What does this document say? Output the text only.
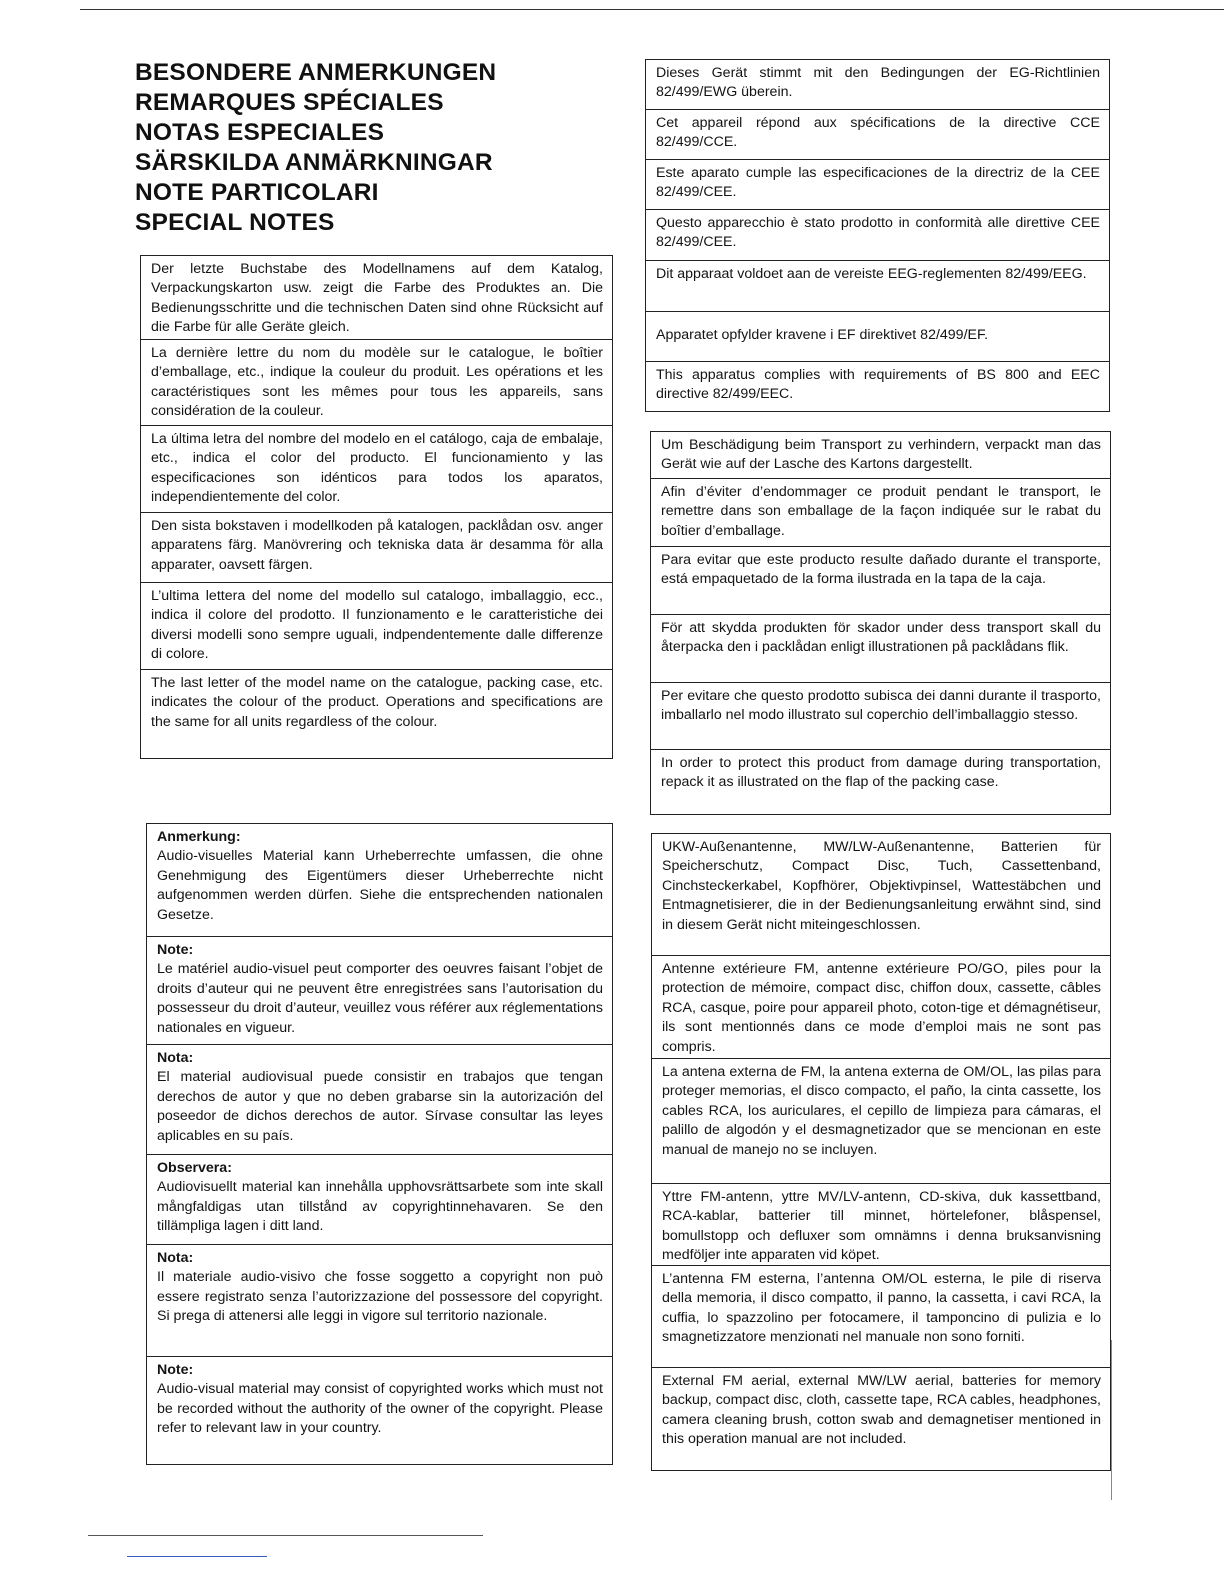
BESONDERE ANMERKUNGEN
REMARQUES SPÉCIALES
NOTAS ESPECIALES
SÄRSKILDA ANMÄRKNINGAR
NOTE PARTICOLARI
SPECIAL NOTES
Der letzte Buchstabe des Modellnamens auf dem Katalog, Verpackungskarton usw. zeigt die Farbe des Produktes an. Die Bedienungsschritte und die technischen Daten sind ohne Rücksicht auf die Farbe für alle Geräte gleich.
La dernière lettre du nom du modèle sur le catalogue, le boîtier d’emballage, etc., indique la couleur du produit. Les opérations et les caractéristiques sont les mêmes pour tous les appareils, sans considération de la couleur.
La última letra del nombre del modelo en el catálogo, caja de embalaje, etc., indica el color del producto. El funcionamiento y las especificaciones son idénticos para todos los aparatos, independientemente del color.
Den sista bokstaven i modellkoden på katalogen, packlådan osv. anger apparatens färg. Manövrering och tekniska data är desamma för alla apparater, oavsett färgen.
L’ultima lettera del nome del modello sul catalogo, imballaggio, ecc., indica il colore del prodotto. Il funzionamento e le caratteristiche dei diversi modelli sono sempre uguali, indpendentemente dalle differenze di colore.
The last letter of the model name on the catalogue, packing case, etc. indicates the colour of the product. Operations and specifications are the same for all units regardless of the colour.
Dieses Gerät stimmt mit den Bedingungen der EG-Richtlinien 82/499/EWG überein.
Cet appareil répond aux spécifications de la directive CCE 82/499/CCE.
Este aparato cumple las especificaciones de la directriz de la CEE 82/499/CEE.
Questo apparecchio è stato prodotto in conformità alle direttive CEE 82/499/CEE.
Dit apparaat voldoet aan de vereiste EEG-reglementen 82/499/EEG.
Apparatet opfylder kravene i EF direktivet 82/499/EF.
This apparatus complies with requirements of BS 800 and EEC directive 82/499/EEC.
Um Beschädigung beim Transport zu verhindern, verpackt man das Gerät wie auf der Lasche des Kartons dargestellt.
Afin d’éviter d’endommager ce produit pendant le transport, le remettre dans son emballage de la façon indiquée sur le rabat du boîtier d’emballage.
Para evitar que este producto resulte dañado durante el transporte, está empaquetado de la forma ilustrada en la tapa de la caja.
För att skydda produkten för skador under dess transport skall du återpacka den i packlådan enligt illustrationen på packlådans flik.
Per evitare che questo prodotto subisca dei danni durante il trasporto, imballarlo nel modo illustrato sul coperchio dell’imballaggio stesso.
In order to protect this product from damage during transportation, repack it as illustrated on the flap of the packing case.
Anmerkung:
Audio-visuelles Material kann Urheberrechte umfassen, die ohne Genehmigung des Eigentümers dieser Urheberrechte nicht aufgenommen werden dürfen. Siehe die entsprechenden nationalen Gesetze.
Note:
Le matériel audio-visuel peut comporter des oeuvres faisant l’objet de droits d’auteur qui ne peuvent être enregistrées sans l’autorisation du possesseur du droit d’auteur, veuillez vous référer aux réglementations nationales en vigueur.
Nota:
El material audiovisual puede consistir en trabajos que tengan derechos de autor y que no deben grabarse sin la autorización del poseedor de dichos derechos de autor. Sírvase consultar las leyes aplicables en su país.
Observera:
Audiovisuellt material kan innehålla upphovsrättsarbete som inte skall mångfaldigas utan tillstånd av copyrightinnehavaren. Se den tillämpliga lagen i ditt land.
Nota:
Il materiale audio-visivo che fosse soggetto a copyright non può essere registrato senza l’autorizzazione del possessore del copyright. Si prega di attenersi alle leggi in vigore sul territorio nazionale.
Note:
Audio-visual material may consist of copyrighted works which must not be recorded without the authority of the owner of the copyright. Please refer to relevant law in your country.
UKW-Außenantenne, MW/LW-Außenantenne, Batterien für Speicherschutz, Compact Disc, Tuch, Cassettenband, Cinchsteckerkabel, Kopfhörer, Objektivpinsel, Wattestäbchen und Entmagnetisierer, die in der Bedienungsanleitung erwähnt sind, sind in diesem Gerät nicht miteingeschlossen.
Antenne extérieure FM, antenne extérieure PO/GO, piles pour la protection de mémoire, compact disc, chiffon doux, cassette, câbles RCA, casque, poire pour appareil photo, coton-tige et démagnétiseur, ils sont mentionnés dans ce mode d’emploi mais ne sont pas compris.
La antena externa de FM, la antena externa de OM/OL, las pilas para proteger memorias, el disco compacto, el paño, la cinta cassette, los cables RCA, los auriculares, el cepillo de limpieza para cámaras, el palillo de algodón y el desmagnetizador que se mencionan en este manual de manejo no se incluyen.
Yttre FM-antenn, yttre MV/LV-antenn, CD-skiva, duk kassettband, RCA-kablar, batterier till minnet, hörtelefoner, blåspensel, bomullstopp och defluxer som omnämns i denna bruksanvisning medföljer inte apparaten vid köpet.
L’antenna FM esterna, l’antenna OM/OL esterna, le pile di riserva della memoria, il disco compatto, il panno, la cassetta, i cavi RCA, la cuffia, lo spazzolino per fotocamere, il tamponcino di pulizia e lo smagnetizzatore menzionati nel manuale non sono forniti.
External FM aerial, external MW/LW aerial, batteries for memory backup, compact disc, cloth, cassette tape, RCA cables, headphones, camera cleaning brush, cotton swab and demagnetiser mentioned in this operation manual are not included.
